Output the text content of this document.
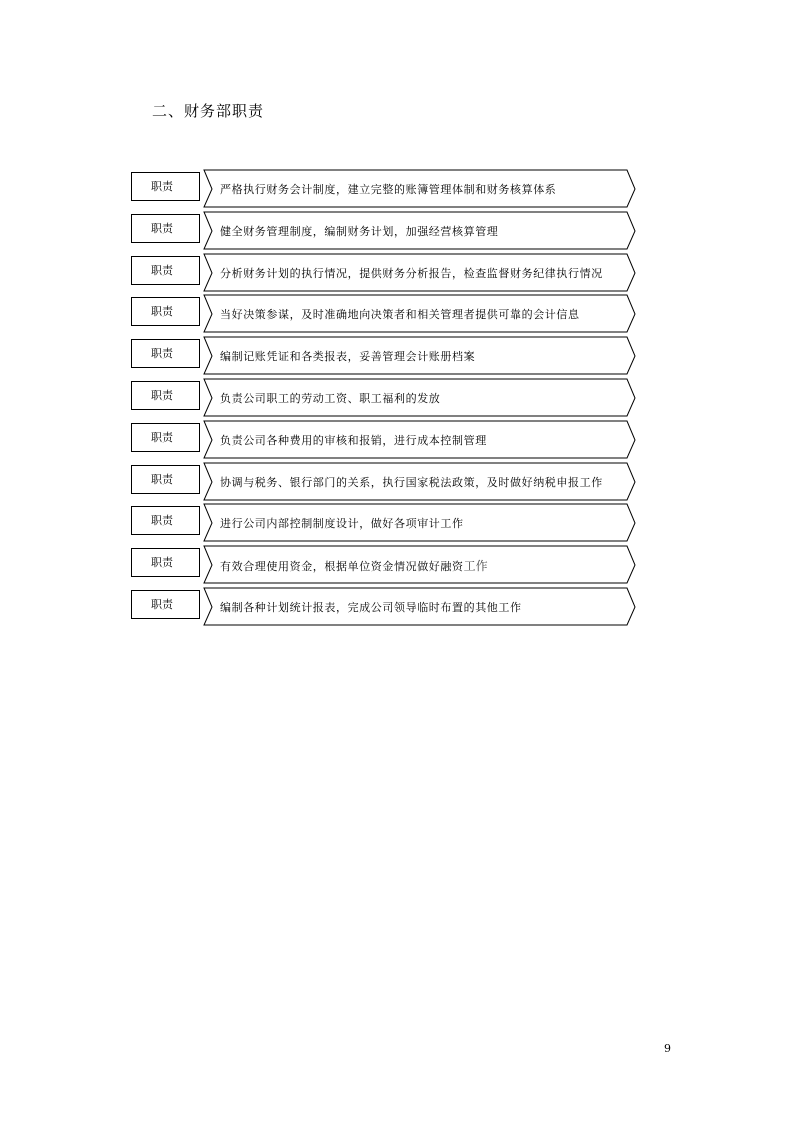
二、财务部职责
职责	严格执行财务会计制度，建立完整的账簿管理体制和财务核算体系
职责	健全财务管理制度，编制财务计划，加强经营核算管理
职责	分析财务计划的执行情况，提供财务分析报告，检查监督财务纪律执行情况
职责	当好决策参谋，及时准确地向决策者和相关管理者提供可靠的会计信息
职责	编制记账凭证和各类报表，妥善管理会计账册档案
职责	负责公司职工的劳动工资、职工福利的发放
职责	负责公司各种费用的审核和报销，进行成本控制管理
职责	协调与税务、银行部门的关系，执行国家税法政策，及时做好纳税申报工作
职责	进行公司内部控制制度设计，做好各项审计工作
职责	有效合理使用资金，根据单位资金情况做好融资工作
职责	编制各种计划统计报表，完成公司领导临时布置的其他工作
9
